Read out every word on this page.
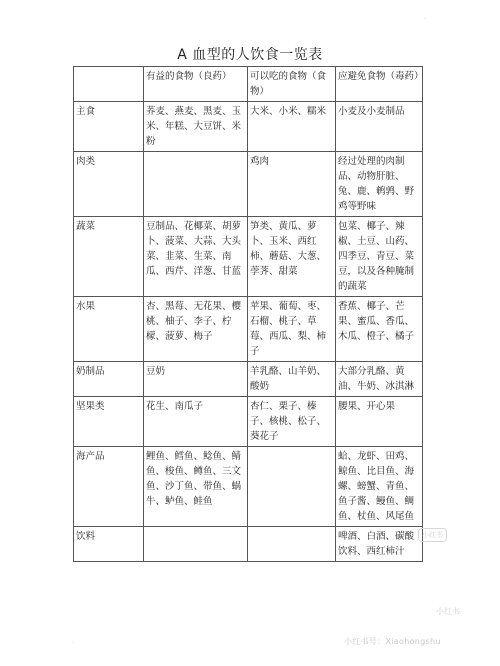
·
A 血型的人饮食一览表
	有益的食物（良药）	可以吃的食物（食物）	应避免食物（毒药）
主食	荞麦、燕麦、黑麦、玉米、年糕、大豆饼、米粉	大米、小米、糯米	小麦及小麦制品
肉类		鸡肉	经过处理的肉制品、动物肝脏、兔、鹿、鹌鹑、野鸡等野味
蔬菜	豆制品、花椰菜、胡萝卜、菠菜、大蒜、大头菜、韭菜、生菜、南瓜、西芹、洋葱、甘蓝	笋类、黄瓜、萝卜、玉米、西红柿、蘑菇、大葱、荸荠、甜菜	包菜、椰子、辣椒、土豆、山药、四季豆、青豆、菜豆，以及各种腌制的蔬菜
水果	杏、黑莓、无花果、樱桃、柚子、李子、柠檬、菠萝、梅子	苹果、葡萄、枣、石榴、桃子、草莓、西瓜、梨、柿子	香蕉、椰子、芒果、蜜瓜、香瓜、木瓜、橙子、橘子
奶制品	豆奶	羊乳酪、山羊奶、酸奶	大部分乳酪、黄油、牛奶、冰淇淋
坚果类	花生、南瓜子	杏仁、栗子、榛子、核桃、松子、葵花子	腰果、开心果
海产品	鲤鱼、鳕鱼、鲶鱼、鲭鱼、梭鱼、鳟鱼、三文鱼、沙丁鱼、带鱼、蜗牛、鲈鱼、鲑鱼		蛤、龙虾、田鸡、鲸鱼、比目鱼、海螺、螃蟹、青鱼、鱼子酱、鳗鱼、鲷鱼、杖鱼、风尾鱼
饮料			啤酒、白酒、碳酸饮料、西红柿汁
小红书
小红书
小红书号：Xiaohongshu
·
